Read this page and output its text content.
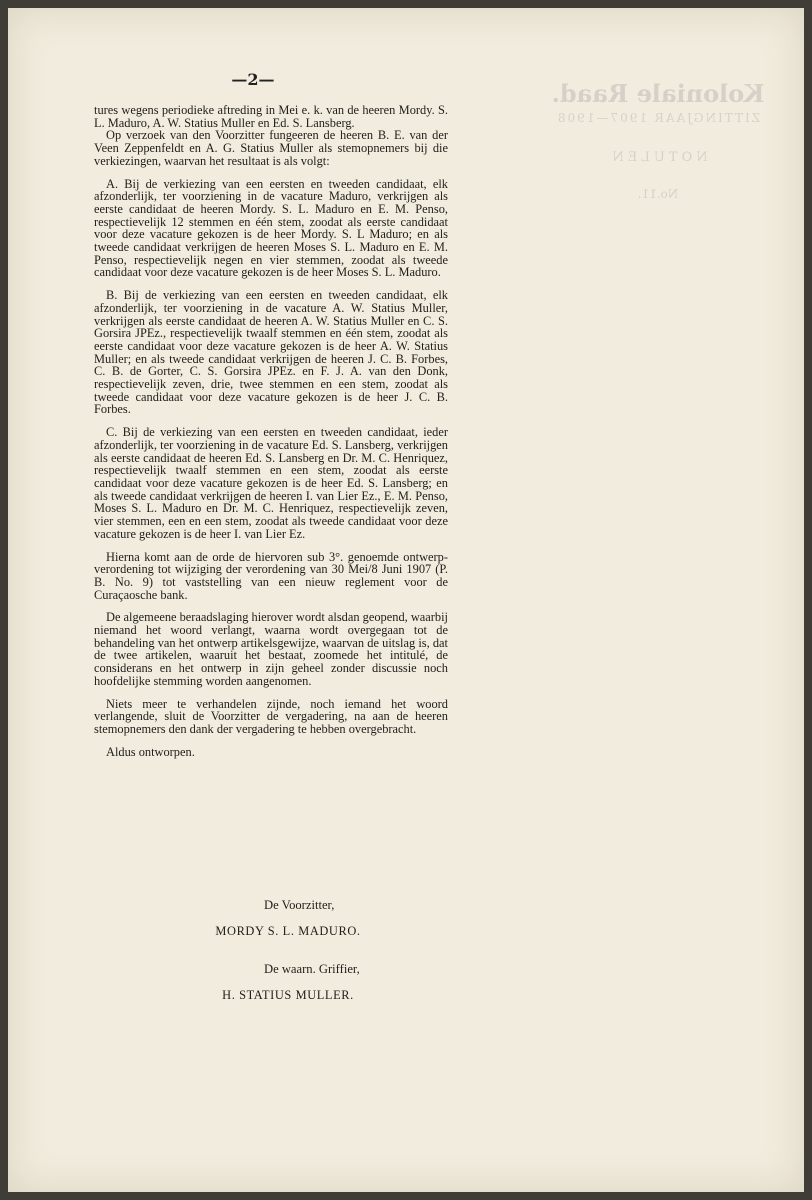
Koloniale Raad.
ZITTINGJAAR 1907—1908
NOTULEN
No.11.
—2—

tures wegens periodieke aftreding in Mei e. k. van de heeren Mordy. S. L. Maduro, A. W. Statius Muller en Ed. S. Lansberg.

Op verzoek van den Voorzitter fungeeren de heeren B. E. van der Veen Zeppenfeldt en A. G. Statius Muller als stemopnemers bij die verkiezingen, waarvan het resultaat is als volgt:

A. Bij de verkiezing van een eersten en tweeden candidaat, elk afzonderlijk, ter voorziening in de vacature Maduro, verkrijgen als eerste candidaat de heeren Mordy. S. L. Maduro en E. M. Penso, respectievelijk 12 stemmen en één stem, zoodat als eerste candidaat voor deze vacature gekozen is de heer Mordy. S. L Maduro; en als tweede candidaat verkrijgen de heeren Moses S. L. Maduro en E. M. Penso, respectievelijk negen en vier stemmen, zoodat als tweede candidaat voor deze vacature gekozen is de heer Moses S. L. Maduro.

B. Bij de verkiezing van een eersten en tweeden candidaat, elk afzonderlijk, ter voorziening in de vacature A. W. Statius Muller, verkrijgen als eerste candidaat de heeren A. W. Statius Muller en C. S. Gorsira JPEz., respectievelijk twaalf stemmen en één stem, zoodat als eerste candidaat voor deze vacature gekozen is de heer A. W. Statius Muller; en als tweede candidaat verkrijgen de heeren J. C. B. Forbes, C. B. de Gorter, C. S. Gorsira JPEz. en F. J. A. van den Donk, respectievelijk zeven, drie, twee stemmen en een stem, zoodat als tweede candidaat voor deze vacature gekozen is de heer J. C. B. Forbes.

C. Bij de verkiezing van een eersten en tweeden candidaat, ieder afzonderlijk, ter voorziening in de vacature Ed. S. Lansberg, verkrijgen als eerste candidaat de heeren Ed. S. Lansberg en Dr. M. C. Henriquez, respectievelijk twaalf stemmen en een stem, zoodat als eerste candidaat voor deze vacature gekozen is de heer Ed. S. Lansberg; en als tweede candidaat verkrijgen de heeren I. van Lier Ez., E. M. Penso, Moses S. L. Maduro en Dr. M. C. Henriquez, respectievelijk zeven, vier stemmen, een en een stem, zoodat als tweede candidaat voor deze vacature gekozen is de heer I. van Lier Ez.

Hierna komt aan de orde de hiervoren sub 3°. genoemde ontwerp-verordening tot wijziging der verordening van 30 Mei/8 Juni 1907 (P. B. No. 9) tot vaststelling van een nieuw reglement voor de Curaçaosche bank.

De algemeene beraadslaging hierover wordt alsdan geopend, waarbij niemand het woord verlangt, waarna wordt overgegaan tot de behandeling van het ontwerp artikelsgewijze, waarvan de uitslag is, dat de twee artikelen, waaruit het bestaat, zoomede het intitulé, de considerans en het ontwerp in zijn geheel zonder discussie noch hoofdelijke stemming worden aangenomen.

Niets meer te verhandelen zijnde, noch iemand het woord verlangende, sluit de Voorzitter de vergadering, na aan de heeren stemopnemers den dank der vergadering te hebben overgebracht.

Aldus ontworpen.

De Voorzitter,
MORDY S. L. MADURO.
De waarn. Griffier,
H. STATIUS MULLER.
